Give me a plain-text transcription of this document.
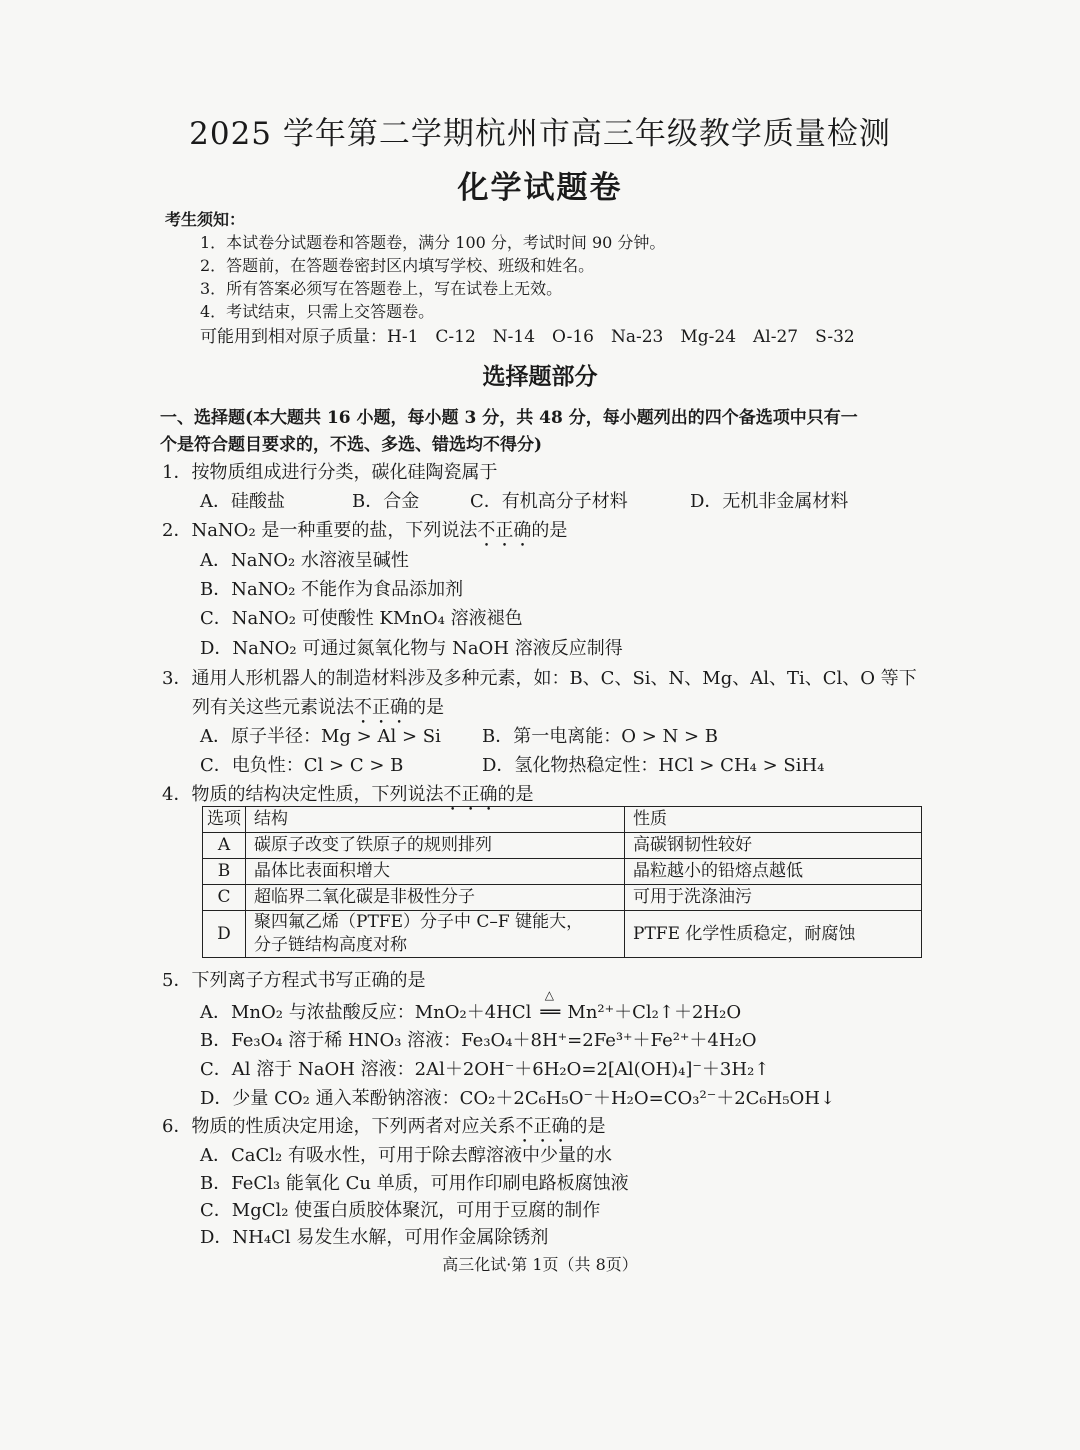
2025 学年第二学期杭州市高三年级教学质量检测
化学试题卷
考生须知：
1．本试卷分试题卷和答题卷，满分 100 分，考试时间 90 分钟。
2．答题前，在答题卷密封区内填写学校、班级和姓名。
3．所有答案必须写在答题卷上，写在试卷上无效。
4．考试结束，只需上交答题卷。
可能用到相对原子质量：H-1　C-12　N-14　O-16　Na-23　Mg-24　Al-27　S-32
选择题部分
一、选择题(本大题共 16 小题，每小题 3 分，共 48 分，每小题列出的四个备选项中只有一
个是符合题目要求的，不选、多选、错选均不得分)
1．按物质组成进行分类，碳化硅陶瓷属于
A．硅酸盐	B．合金	C．有机高分子材料	D．无机非金属材料
2．NaNO₂ 是一种重要的盐，下列说法不正确的是
A．NaNO₂ 水溶液呈碱性
B．NaNO₂ 不能作为食品添加剂
C．NaNO₂ 可使酸性 KMnO₄ 溶液褪色
D．NaNO₂ 可通过氮氧化物与 NaOH 溶液反应制得
3．通用人形机器人的制造材料涉及多种元素，如：B、C、Si、N、Mg、Al、Ti、Cl、O 等下
列有关这些元素说法不正确的是
A．原子半径：Mg > Al > Si B．第一电离能：O > N > B
C．电负性：Cl > C > B	D．氢化物热稳定性：HCl > CH₄ > SiH₄
4．物质的结构决定性质，下列说法不正确的是
选项	结构	性质
A	碳原子改变了铁原子的规则排列	高碳钢韧性较好
B	晶体比表面积增大	晶粒越小的铅熔点越低
C	超临界二氧化碳是非极性分子	可用于洗涤油污
D	聚四氟乙烯（PTFE）分子中 C–F 键能大，
分子链结构高度对称	PTFE 化学性质稳定，耐腐蚀
5．下列离子方程式书写正确的是
A．MnO₂ 与浓盐酸反应：MnO₂＋4HCl
△
══ Mn²⁺＋Cl₂↑＋2H₂O
B．Fe₃O₄ 溶于稀 HNO₃ 溶液：Fe₃O₄＋8H⁺=2Fe³⁺＋Fe²⁺＋4H₂O
C．Al 溶于 NaOH 溶液：2Al＋2OH⁻＋6H₂O=2[Al(OH)₄]⁻＋3H₂↑
D．少量 CO₂ 通入苯酚钠溶液：CO₂＋2C₆H₅O⁻＋H₂O=CO₃²⁻＋2C₆H₅OH↓
6．物质的性质决定用途，下列两者对应关系不正确的是
A．CaCl₂ 有吸水性，可用于除去醇溶液中少量的水
B．FeCl₃ 能氧化 Cu 单质，可用作印刷电路板腐蚀液
C．MgCl₂ 使蛋白质胶体聚沉，可用于豆腐的制作
D．NH₄Cl 易发生水解，可用作金属除锈剂
高三化试·第 1页（共 8页）
